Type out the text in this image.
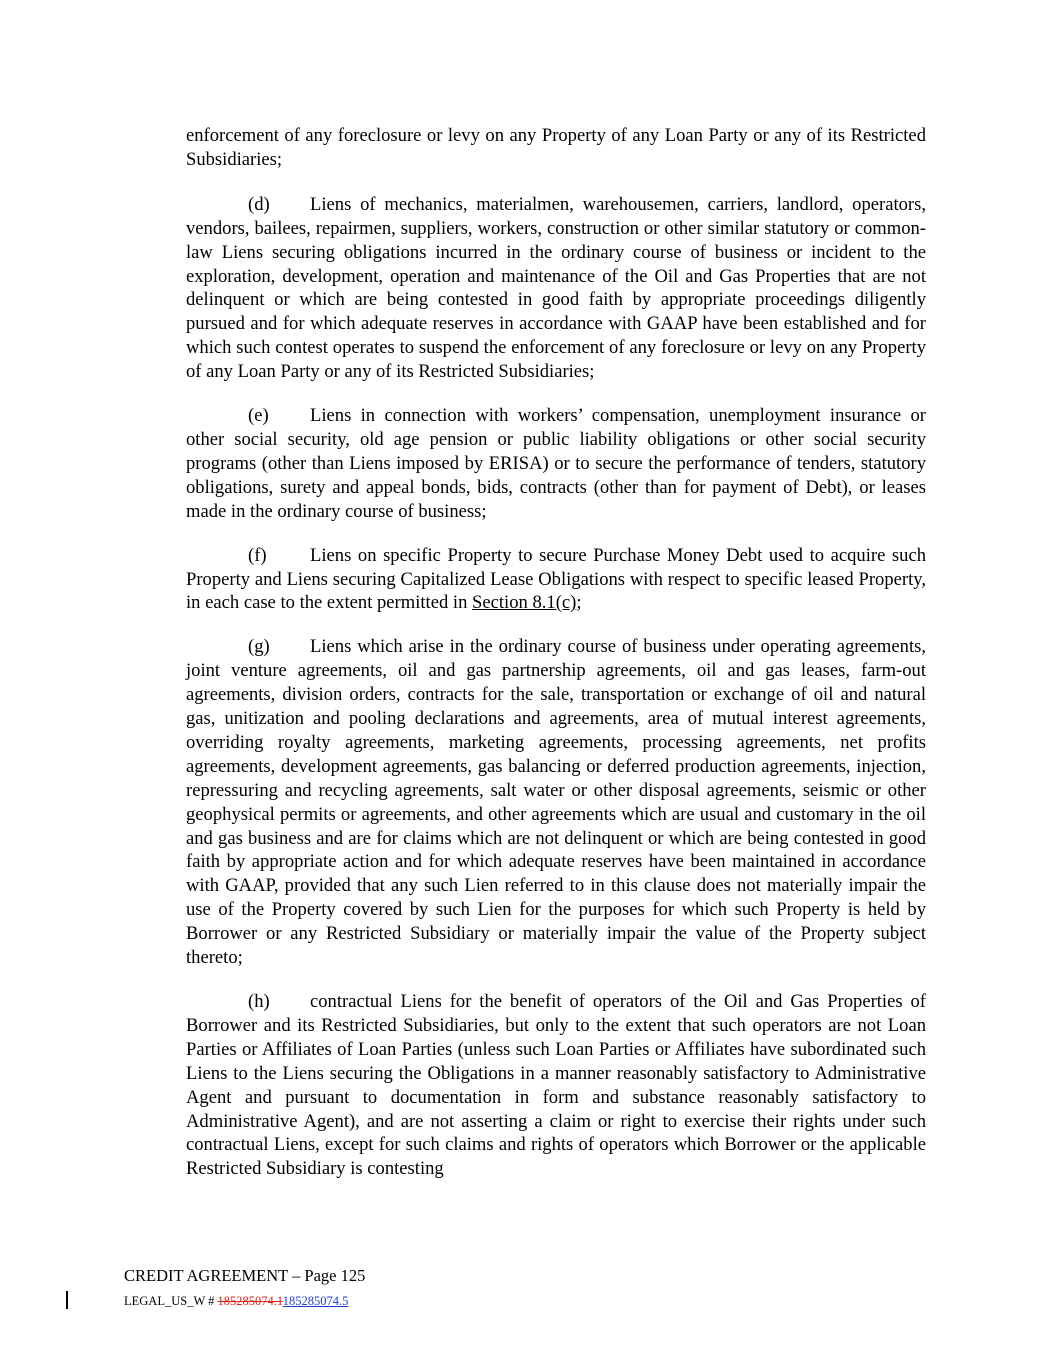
enforcement of any foreclosure or levy on any Property of any Loan Party or any of its Restricted Subsidiaries;

(d) Liens of mechanics, materialmen, warehousemen, carriers, landlord, operators, vendors, bailees, repairmen, suppliers, workers, construction or other similar statutory or common-law Liens securing obligations incurred in the ordinary course of business or incident to the exploration, development, operation and maintenance of the Oil and Gas Properties that are not delinquent or which are being contested in good faith by appropriate proceedings diligently pursued and for which adequate reserves in accordance with GAAP have been established and for which such contest operates to suspend the enforcement of any foreclosure or levy on any Property of any Loan Party or any of its Restricted Subsidiaries;

(e) Liens in connection with workers’ compensation, unemployment insurance or other social security, old age pension or public liability obligations or other social security programs (other than Liens imposed by ERISA) or to secure the performance of tenders, statutory obligations, surety and appeal bonds, bids, contracts (other than for payment of Debt), or leases made in the ordinary course of business;

(f) Liens on specific Property to secure Purchase Money Debt used to acquire such Property and Liens securing Capitalized Lease Obligations with respect to specific leased Property, in each case to the extent permitted in Section 8.1(c);

(g) Liens which arise in the ordinary course of business under operating agreements, joint venture agreements, oil and gas partnership agreements, oil and gas leases, farm-out agreements, division orders, contracts for the sale, transportation or exchange of oil and natural gas, unitization and pooling declarations and agreements, area of mutual interest agreements, overriding royalty agreements, marketing agreements, processing agreements, net profits agreements, development agreements, gas balancing or deferred production agreements, injection, repressuring and recycling agreements, salt water or other disposal agreements, seismic or other geophysical permits or agreements, and other agreements which are usual and customary in the oil and gas business and are for claims which are not delinquent or which are being contested in good faith by appropriate action and for which adequate reserves have been maintained in accordance with GAAP, provided that any such Lien referred to in this clause does not materially impair the use of the Property covered by such Lien for the purposes for which such Property is held by Borrower or any Restricted Subsidiary or materially impair the value of the Property subject thereto;

(h) contractual Liens for the benefit of operators of the Oil and Gas Properties of Borrower and its Restricted Subsidiaries, but only to the extent that such operators are not Loan Parties or Affiliates of Loan Parties (unless such Loan Parties or Affiliates have subordinated such Liens to the Liens securing the Obligations in a manner reasonably satisfactory to Administrative Agent and pursuant to documentation in form and substance reasonably satisfactory to Administrative Agent), and are not asserting a claim or right to exercise their rights under such contractual Liens, except for such claims and rights of operators which Borrower or the applicable Restricted Subsidiary is contesting

CREDIT AGREEMENT – Page 125
LEGAL_US_W # 185285074.1185285074.5
